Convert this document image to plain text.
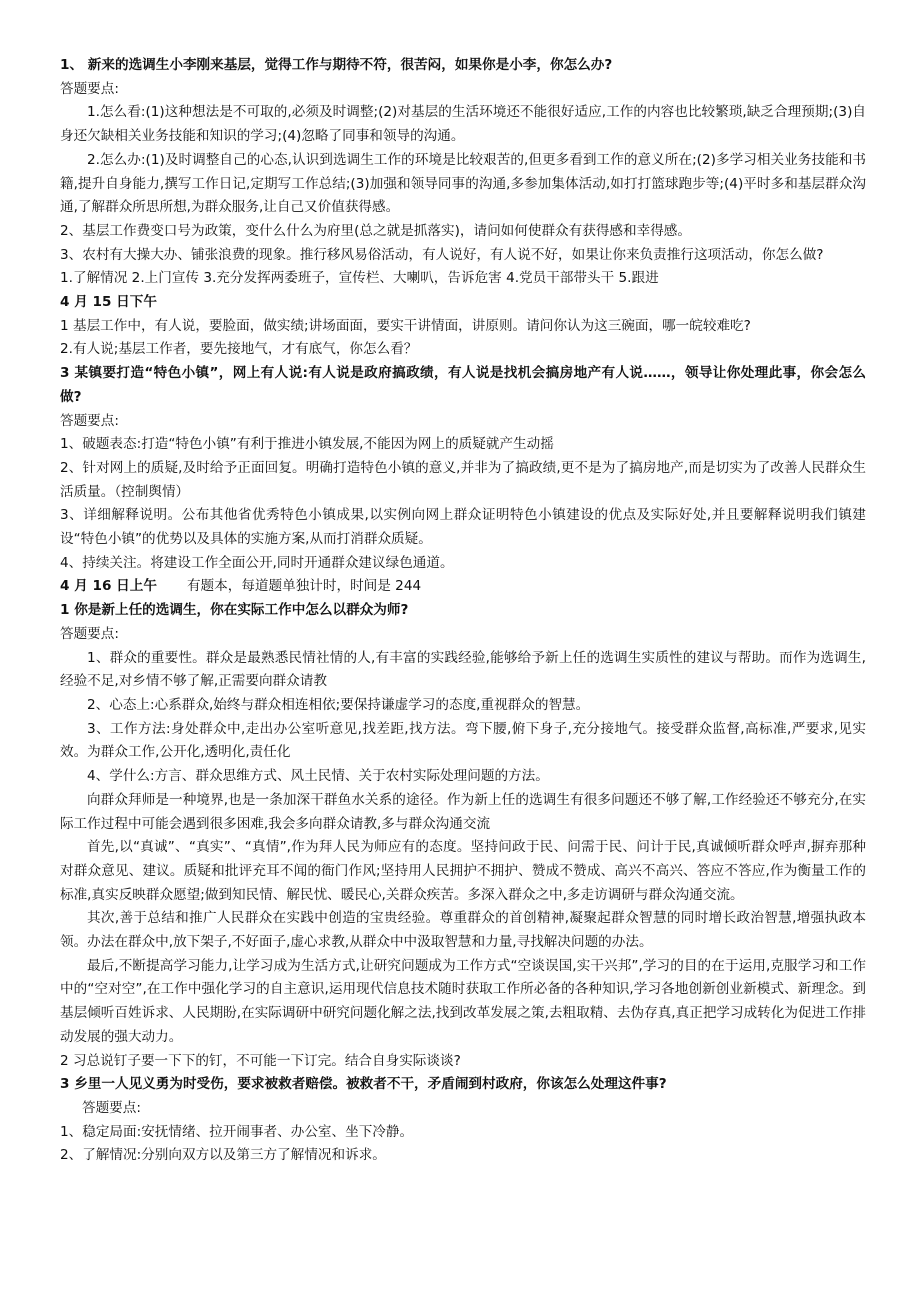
1、 新来的选调生小李刚来基层，觉得工作与期待不符，很苦闷，如果你是小李，你怎么办?

答题要点:

1.怎么看:(1)这种想法是不可取的,必须及时调整;(2)对基层的生活环境还不能很好适应,工作的内容也比较繁琐,缺乏合理预期;(3)自身还欠缺相关业务技能和知识的学习;(4)忽略了同事和领导的沟通。

2.怎么办:(1)及时调整自己的心态,认识到选调生工作的环境是比较艰苦的,但更多看到工作的意义所在;(2)多学习相关业务技能和书籍,提升自身能力,撰写工作日记,定期写工作总结;(3)加强和领导同事的沟通,多参加集体活动,如打打篮球跑步等;(4)平时多和基层群众沟通,了解群众所思所想,为群众服务,让自己又价值获得感。

2、基层工作费变口号为政策，变什么什么为府里(总之就是抓落实)，请问如何使群众有获得感和幸得感。

3、农村有大操大办、铺张浪费的现象。推行移风易俗活动，有人说好，有人说不好，如果让你来负责推行这项活动，你怎么做?

1.了解情况 2.上门宣传 3.充分发挥两委班子，宣传栏、大喇叭，告诉危害 4.党员干部带头干 5.跟进

4 月 15 日下午

1 基层工作中，有人说，要脸面，做实绩;讲场面面，要实干讲情面，讲原则。请问你认为这三碗面，哪一皖较难吃?

2.有人说;基层工作者，要先接地气，才有底气，你怎么看？

3 某镇要打造“特色小镇”，网上有人说:有人说是政府搞政绩，有人说是找机会搞房地产有人说……，领导让你处理此事，你会怎么做?

答题要点:

1、破题表态:打造“特色小镇”有利于推进小镇发展,不能因为网上的质疑就产生动摇

2、针对网上的质疑,及时给予正面回复。明确打造特色小镇的意义,并非为了搞政绩,更不是为了搞房地产,而是切实为了改善人民群众生活质量。（控制舆情）

3、详细解释说明。公布其他省优秀特色小镇成果,以实例向网上群众证明特色小镇建设的优点及实际好处,并且要解释说明我们镇建设“特色小镇”的优势以及具体的实施方案,从而打消群众质疑。

4、持续关注。将建设工作全面公开,同时开通群众建议绿色通道。

4 月 16 日上午 有题本，每道题单独计时，时间是 244

1 你是新上任的选调生，你在实际工作中怎么以群众为师?

答题要点:

1、群众的重要性。群众是最熟悉民情社情的人,有丰富的实践经验,能够给予新上任的选调生实质性的建议与帮助。而作为选调生,经验不足,对乡情不够了解,正需要向群众请教

2、心态上:心系群众,始终与群众相连相依;要保持谦虚学习的态度,重视群众的智慧。

3、工作方法:身处群众中,走出办公室听意见,找差距,找方法。弯下腰,俯下身子,充分接地气。接受群众监督,高标准,严要求,见实效。为群众工作,公开化,透明化,责任化

4、学什么:方言、群众思维方式、风土民情、关于农村实际处理问题的方法。

向群众拜师是一种境界,也是一条加深干群鱼水关系的途径。作为新上任的选调生有很多问题还不够了解,工作经验还不够充分,在实际工作过程中可能会遇到很多困难,我会多向群众请教,多与群众沟通交流

首先,以“真诚”、“真实”、“真情”,作为拜人民为师应有的态度。坚持问政于民、问需于民、问计于民,真诚倾听群众呼声,摒弃那种对群众意见、建议。质疑和批评充耳不闻的衙门作风;坚持用人民拥护不拥护、赞成不赞成、高兴不高兴、答应不答应,作为衡量工作的标准,真实反映群众愿望;做到知民情、解民忧、暖民心,关群众疾苦。多深入群众之中,多走访调研与群众沟通交流。

其次,善于总结和推广人民群众在实践中创造的宝贵经验。尊重群众的首创精神,凝聚起群众智慧的同时增长政治智慧,增强执政本领。办法在群众中,放下架子,不好面子,虚心求教,从群众中中汲取智慧和力量,寻找解决问题的办法。

最后,不断提高学习能力,让学习成为生活方式,让研究问题成为工作方式“空谈误国,实干兴邦”,学习的目的在于运用,克服学习和工作中的“空对空”,在工作中强化学习的自主意识,运用现代信息技术随时获取工作所必备的各种知识,学习各地创新创业新模式、新理念。到基层倾听百姓诉求、人民期盼,在实际调研中研究问题化解之法,找到改革发展之策,去粗取精、去伪存真,真正把学习成转化为促进工作排动发展的强大动力。

2 习总说钉子要一下下的钉，不可能一下订完。结合自身实际谈谈?

3 乡里一人见义勇为时受伤，要求被救者赔偿。被救者不干，矛盾闹到村政府，你该怎么处理这件事?

答题要点:

1、稳定局面:安抚情绪、拉开闹事者、办公室、坐下冷静。

2、了解情况:分别向双方以及第三方了解情况和诉求。
